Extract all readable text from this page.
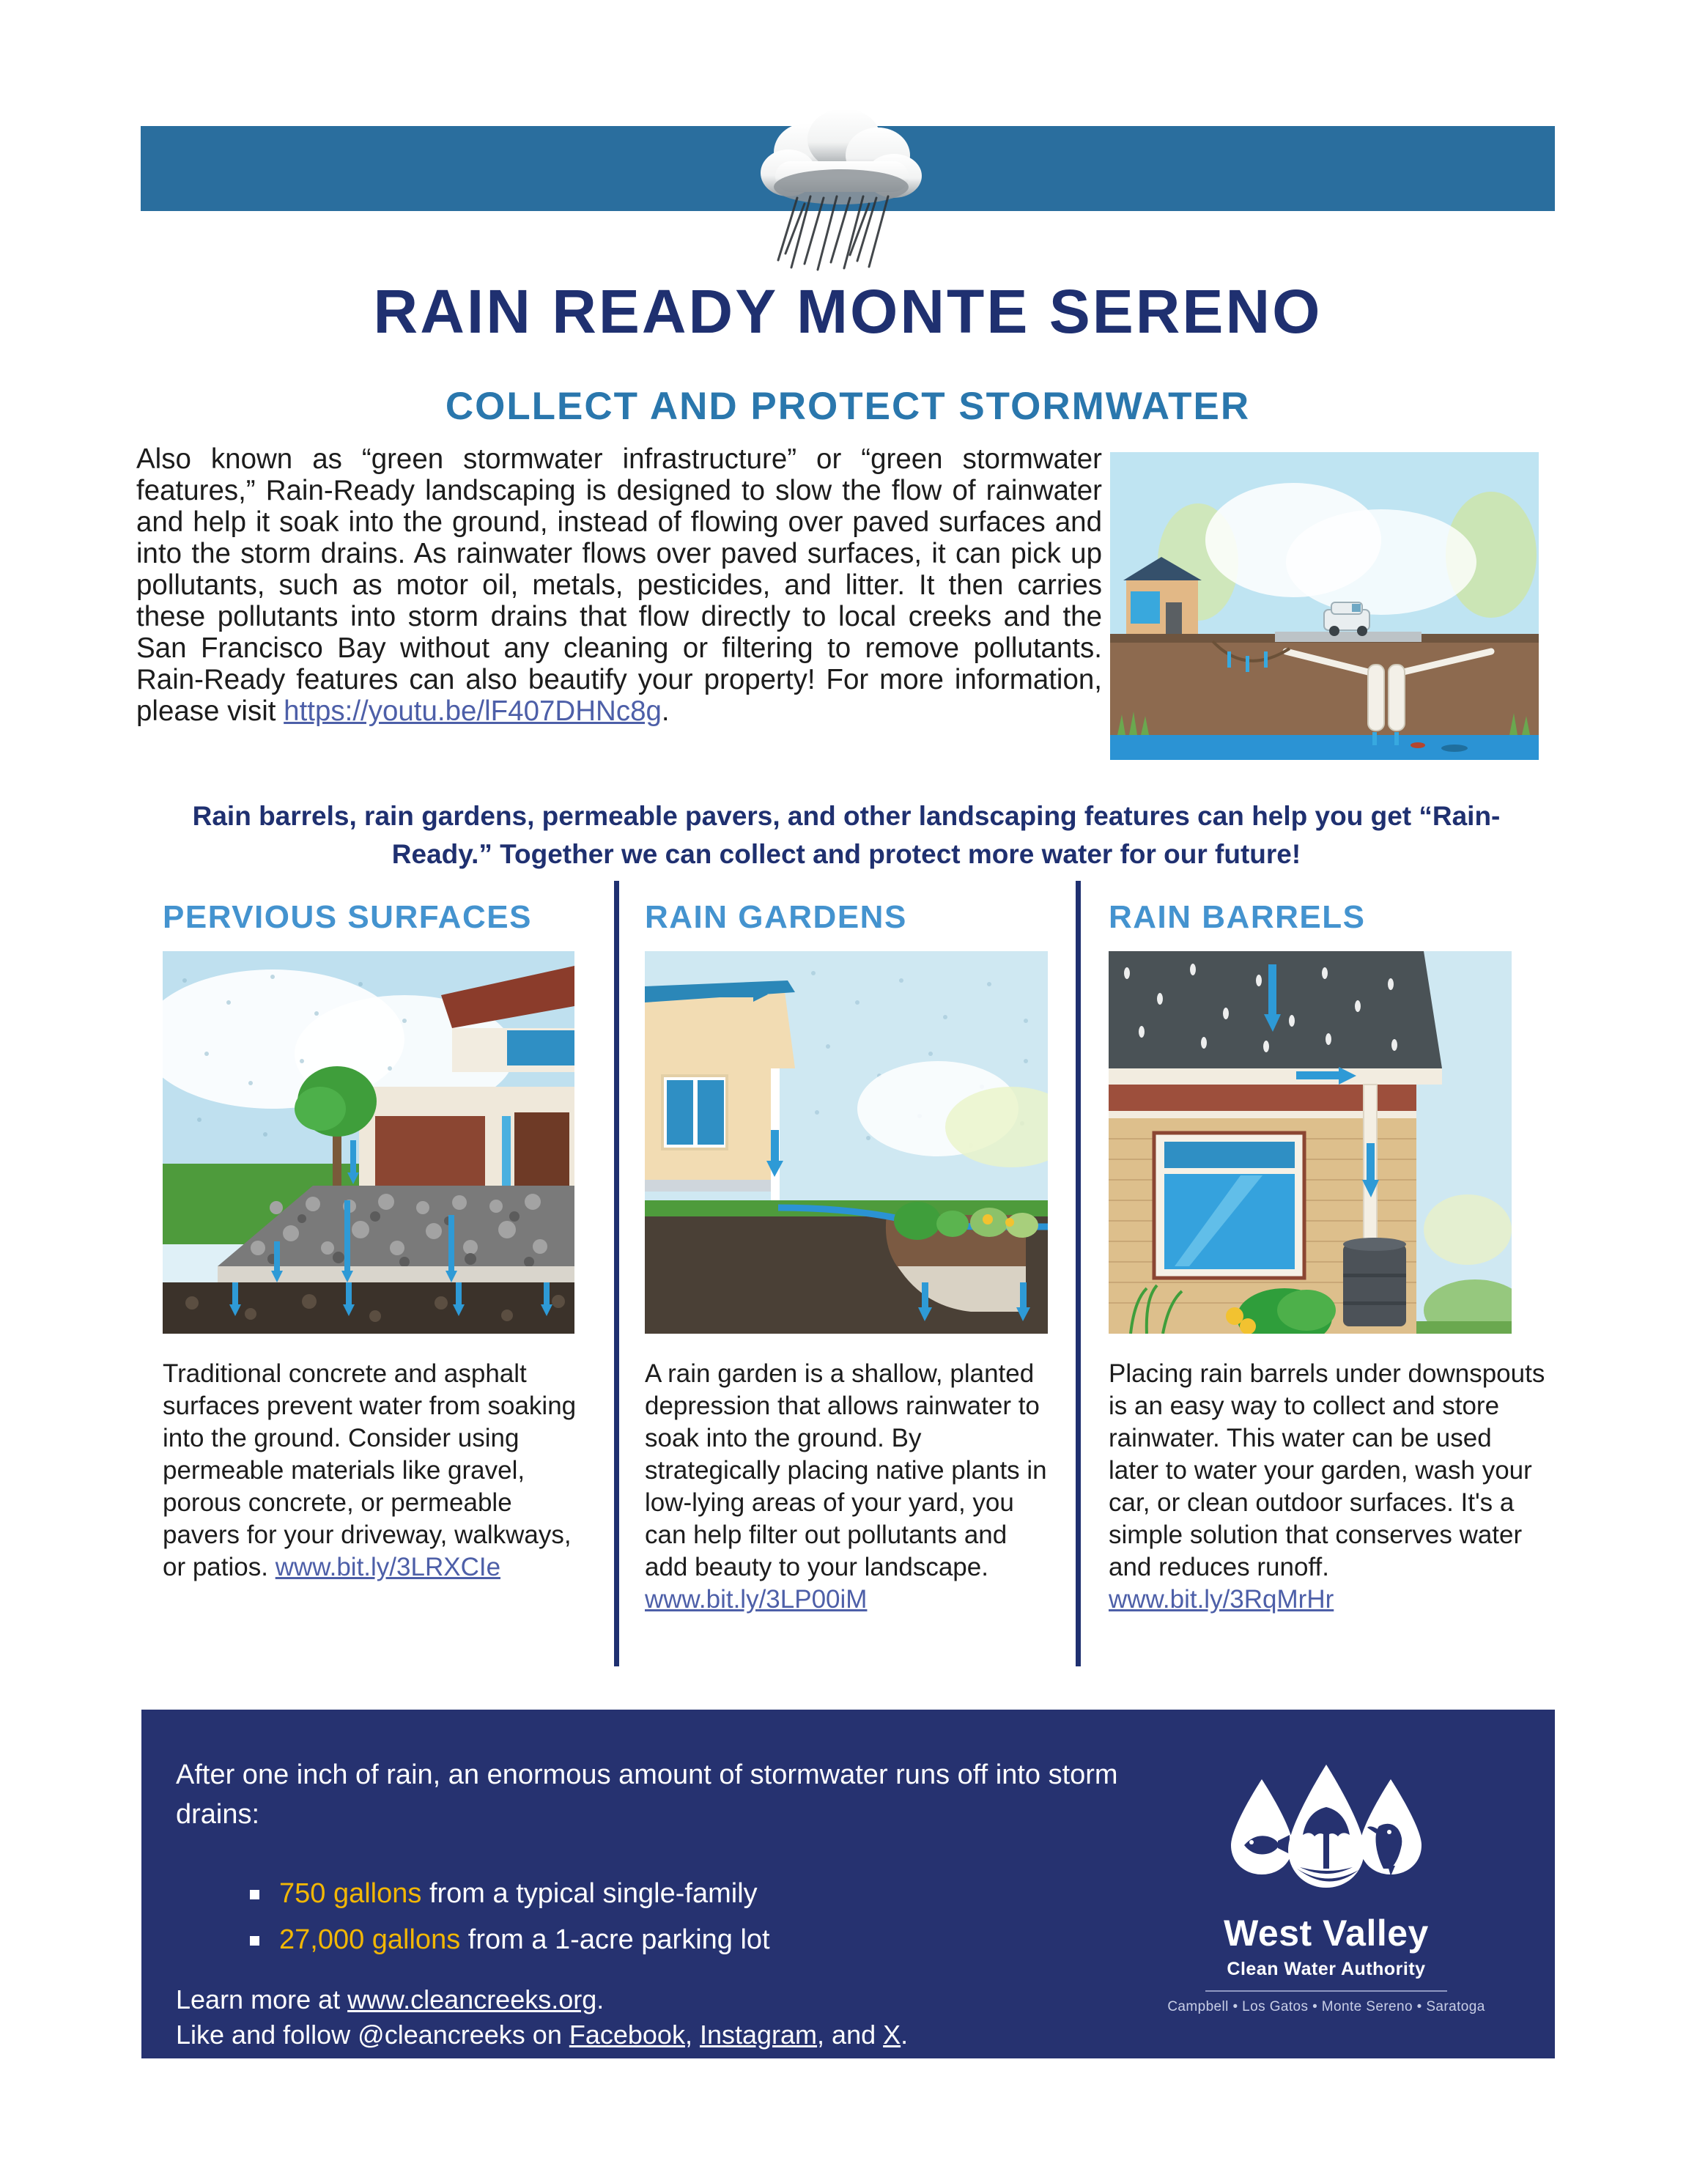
RAIN READY MONTE SERENO
COLLECT AND PROTECT STORMWATER
Also known as “green stormwater infrastructure” or “green stormwater features,” Rain-Ready landscaping is designed to slow the flow of rainwater and help it soak into the ground, instead of flowing over paved surfaces and into the storm drains. As rainwater flows over paved surfaces, it can pick up pollutants, such as motor oil, metals, pesticides, and litter. It then carries these pollutants into storm drains that flow directly to local creeks and the San Francisco Bay without any cleaning or filtering to remove pollutants. Rain-Ready features can also beautify your property! For more information, please visit https://youtu.be/lF407DHNc8g.
Rain barrels, rain gardens, permeable pavers, and other landscaping features can help you get “Rain-Ready.” Together we can collect and protect more water for our future!
PERVIOUS SURFACES
Traditional concrete and asphalt surfaces prevent water from soaking into the ground. Consider using permeable materials like gravel, porous concrete, or permeable pavers for your driveway, walkways, or patios. www.bit.ly/3LRXCIe
RAIN GARDENS
A rain garden is a shallow, planted depression that allows rainwater to soak into the ground. By strategically placing native plants in low-lying areas of your yard, you can help filter out pollutants and add beauty to your landscape. www.bit.ly/3LP00iM
RAIN BARRELS
Placing rain barrels under downspouts is an easy way to collect and store rainwater. This water can be used later to water your garden, wash your car, or clean outdoor surfaces. It's a simple solution that conserves water and reduces runoff. www.bit.ly/3RqMrHr
After one inch of rain, an enormous amount of stormwater runs off into storm drains:
750 gallons from a typical single-family
27,000 gallons from a 1-acre parking lot
Learn more at www.cleancreeks.org.
Like and follow @cleancreeks on Facebook, Instagram, and X.
West Valley
Clean Water Authority
Campbell • Los Gatos • Monte Sereno • Saratoga
